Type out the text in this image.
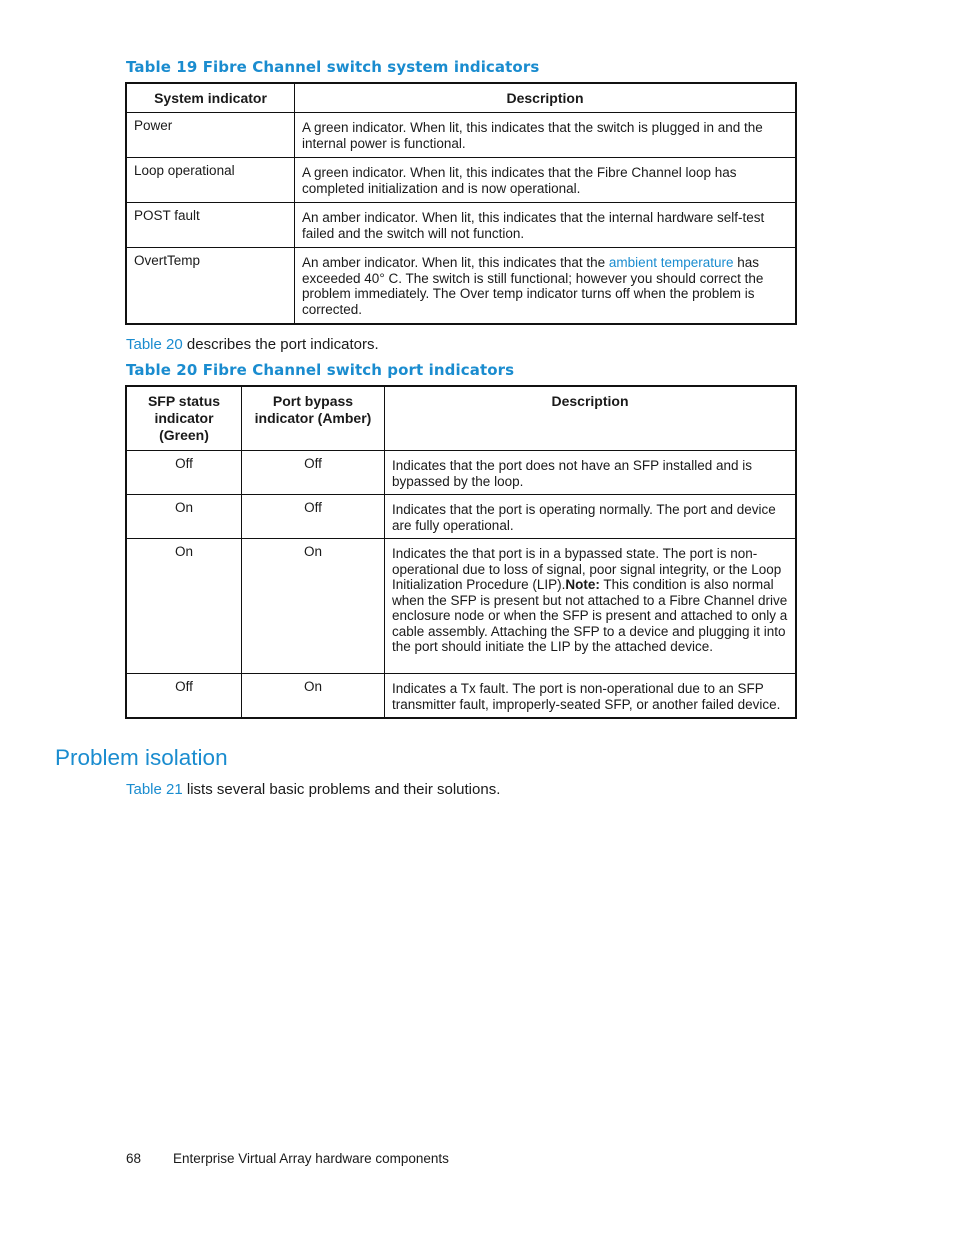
Table 19 Fibre Channel switch system indicators
System indicator	Description
Power	A green indicator. When lit, this indicates that the switch is plugged in and the internal power is functional.
Loop operational	A green indicator. When lit, this indicates that the Fibre Channel loop has completed initialization and is now operational.
POST fault	An amber indicator. When lit, this indicates that the internal hardware self-test failed and the switch will not function.
OvertTemp	An amber indicator. When lit, this indicates that the ambient temperature has exceeded 40° C. The switch is still functional; however you should correct the problem immediately. The Over temp indicator turns off when the problem is corrected.
Table 20 describes the port indicators.
Table 20 Fibre Channel switch port indicators
SFP status indicator (Green)	Port bypass indicator (Amber)	Description
Off	Off	Indicates that the port does not have an SFP installed and is bypassed by the loop.
On	Off	Indicates that the port is operating normally. The port and device are fully operational.
On	On	Indicates the that port is in a bypassed state. The port is non-operational due to loss of signal, poor signal integrity, or the Loop Initialization Procedure (LIP).Note: This condition is also normal when the SFP is present but not attached to a Fibre Channel drive enclosure node or when the SFP is present and attached to only a cable assembly. Attaching the SFP to a device and plugging it into the port should initiate the LIP by the attached device.
Off	On	Indicates a Tx fault. The port is non-operational due to an SFP transmitter fault, improperly-seated SFP, or another failed device.
Problem isolation
Table 21 lists several basic problems and their solutions.
68 Enterprise Virtual Array hardware components
